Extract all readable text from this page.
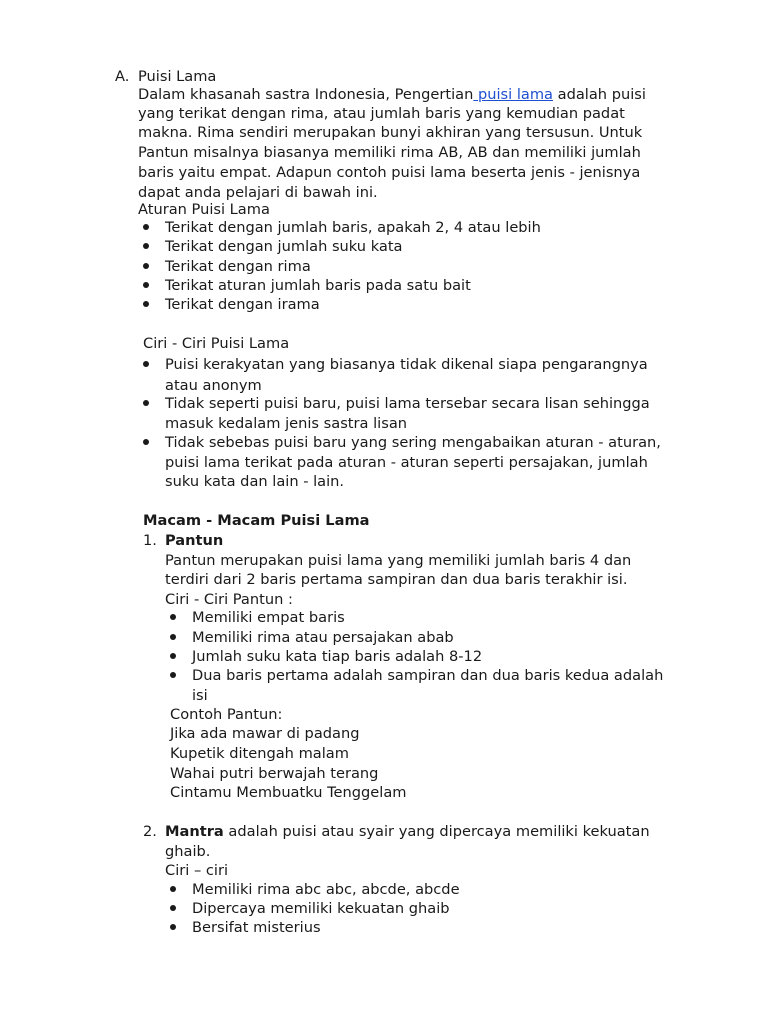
A. Puisi Lama
Dalam khasanah sastra Indonesia, Pengertian puisi lama adalah puisi
yang terikat dengan rima, atau jumlah baris yang kemudian padat
makna. Rima sendiri merupakan bunyi akhiran yang tersusun. Untuk
Pantun misalnya biasanya memiliki rima AB, AB dan memiliki jumlah
baris yaitu empat. Adapun contoh puisi lama beserta jenis - jenisnya
dapat anda pelajari di bawah ini.
Aturan Puisi Lama
Terikat dengan jumlah baris, apakah 2, 4 atau lebih
Terikat dengan jumlah suku kata
Terikat dengan rima
Terikat aturan jumlah baris pada satu bait
Terikat dengan irama
Ciri - Ciri Puisi Lama
Puisi kerakyatan yang biasanya tidak dikenal siapa pengarangnya
atau anonym
Tidak seperti puisi baru, puisi lama tersebar secara lisan sehingga
masuk kedalam jenis sastra lisan
Tidak sebebas puisi baru yang sering mengabaikan aturan - aturan,
puisi lama terikat pada aturan - aturan seperti persajakan, jumlah
suku kata dan lain - lain.
Macam - Macam Puisi Lama
1. Pantun
Pantun merupakan puisi lama yang memiliki jumlah baris 4 dan
terdiri dari 2 baris pertama sampiran dan dua baris terakhir isi.
Ciri - Ciri Pantun :
Memiliki empat baris
Memiliki rima atau persajakan abab
Jumlah suku kata tiap baris adalah 8-12
Dua baris pertama adalah sampiran dan dua baris kedua adalah
isi
Contoh Pantun:
Jika ada mawar di padang
Kupetik ditengah malam
Wahai putri berwajah terang
Cintamu Membuatku Tenggelam
2. Mantra adalah puisi atau syair yang dipercaya memiliki kekuatan
ghaib.
Ciri – ciri
Memiliki rima abc abc, abcde, abcde
Dipercaya memiliki kekuatan ghaib
Bersifat misterius
